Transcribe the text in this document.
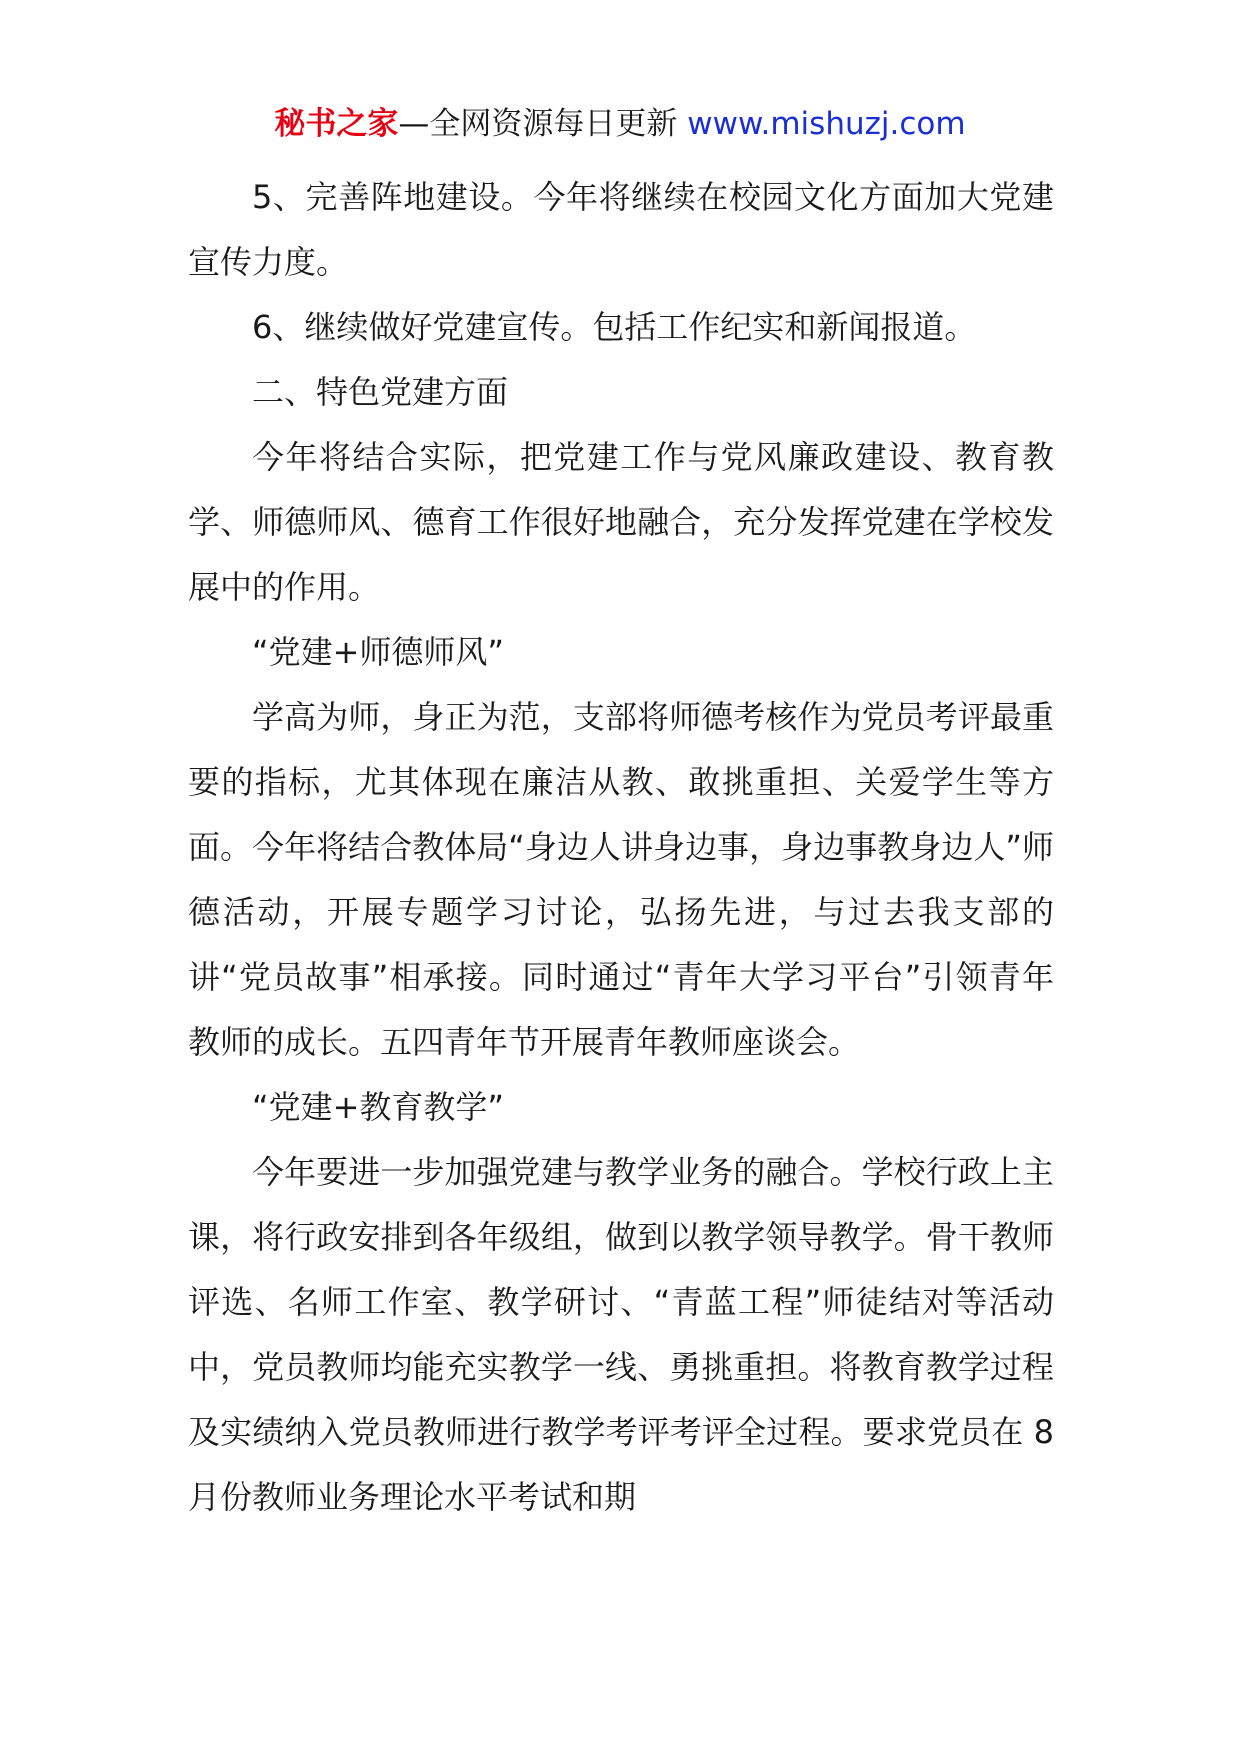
秘书之家—全网资源每日更新 www.mishuzj.com

5、完善阵地建设。今年将继续在校园文化方面加大党建宣传力度。

6、继续做好党建宣传。包括工作纪实和新闻报道。

二、特色党建方面

今年将结合实际，把党建工作与党风廉政建设、教育教学、师德师风、德育工作很好地融合，充分发挥党建在学校发展中的作用。

“党建+师德师风”

学高为师，身正为范，支部将师德考核作为党员考评最重要的指标，尤其体现在廉洁从教、敢挑重担、关爱学生等方面。今年将结合教体局“身边人讲身边事，身边事教身边人”师德活动，开展专题学习讨论，弘扬先进，与过去我支部的讲“党员故事”相承接。同时通过“青年大学习平台”引领青年教师的成长。五四青年节开展青年教师座谈会。

“党建+教育教学”

今年要进一步加强党建与教学业务的融合。学校行政上主课，将行政安排到各年级组，做到以教学领导教学。骨干教师评选、名师工作室、教学研讨、“青蓝工程”师徒结对等活动中，党员教师均能充实教学一线、勇挑重担。将教育教学过程及实绩纳入党员教师进行教学考评考评全过程。要求党员在 8 月份教师业务理论水平考试和期
